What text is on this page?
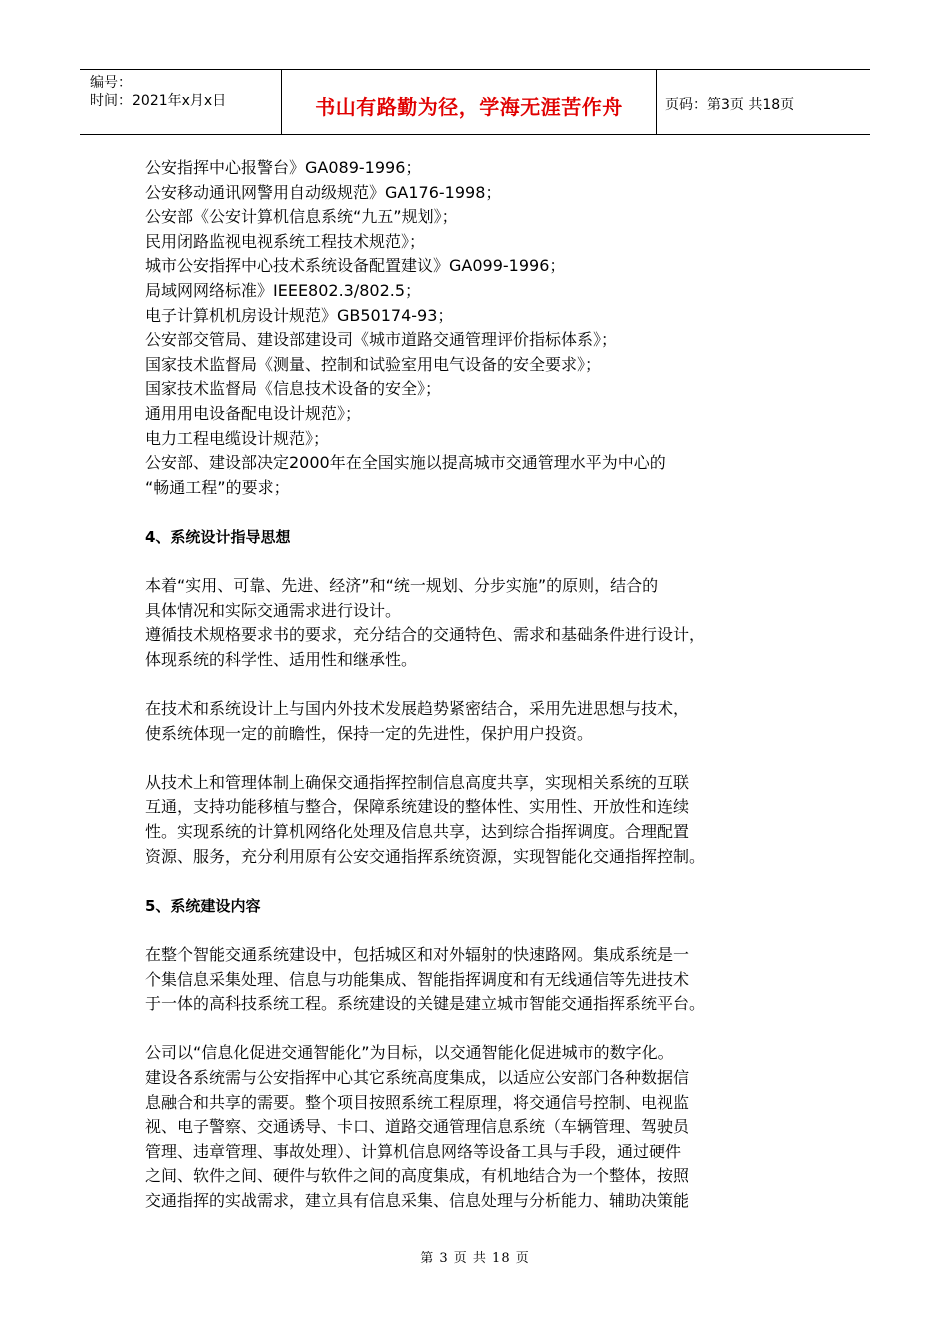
编号：
时间：2021年x月x日	书山有路勤为径，学海无涯苦作舟	页码：第3页 共18页
公安指挥中心报警台》GA089-1996；
公安移动通讯网警用自动级规范》GA176-1998；
公安部《公安计算机信息系统“九五”规划》；
民用闭路监视电视系统工程技术规范》；
城市公安指挥中心技术系统设备配置建议》GA099-1996；
局域网网络标准》IEEE802.3/802.5；
电子计算机机房设计规范》GB50174-93；
公安部交管局、建设部建设司《城市道路交通管理评价指标体系》；
国家技术监督局《测量、控制和试验室用电气设备的安全要求》；
国家技术监督局《信息技术设备的安全》；
通用用电设备配电设计规范》；
电力工程电缆设计规范》；
公安部、建设部决定2000年在全国实施以提高城市交通管理水平为中心的
“畅通工程”的要求；
4、系统设计指导思想
本着“实用、可靠、先进、经济”和“统一规划、分步实施”的原则，结合的
具体情况和实际交通需求进行设计。
遵循技术规格要求书的要求，充分结合的交通特色、需求和基础条件进行设计，
体现系统的科学性、适用性和继承性。
在技术和系统设计上与国内外技术发展趋势紧密结合，采用先进思想与技术，
使系统体现一定的前瞻性，保持一定的先进性，保护用户投资。
从技术上和管理体制上确保交通指挥控制信息高度共享，实现相关系统的互联
互通，支持功能移植与整合，保障系统建设的整体性、实用性、开放性和连续
性。实现系统的计算机网络化处理及信息共享，达到综合指挥调度。合理配置
资源、服务，充分利用原有公安交通指挥系统资源，实现智能化交通指挥控制。
5、系统建设内容
在整个智能交通系统建设中，包括城区和对外辐射的快速路网。集成系统是一
个集信息采集处理、信息与功能集成、智能指挥调度和有无线通信等先进技术
于一体的高科技系统工程。系统建设的关键是建立城市智能交通指挥系统平台。
公司以“信息化促进交通智能化”为目标，以交通智能化促进城市的数字化。
建设各系统需与公安指挥中心其它系统高度集成，以适应公安部门各种数据信
息融合和共享的需要。整个项目按照系统工程原理，将交通信号控制、电视监
视、电子警察、交通诱导、卡口、道路交通管理信息系统（车辆管理、驾驶员
管理、违章管理、事故处理）、计算机信息网络等设备工具与手段，通过硬件
之间、软件之间、硬件与软件之间的高度集成，有机地结合为一个整体，按照
交通指挥的实战需求，建立具有信息采集、信息处理与分析能力、辅助决策能
第 3 页 共 18 页
